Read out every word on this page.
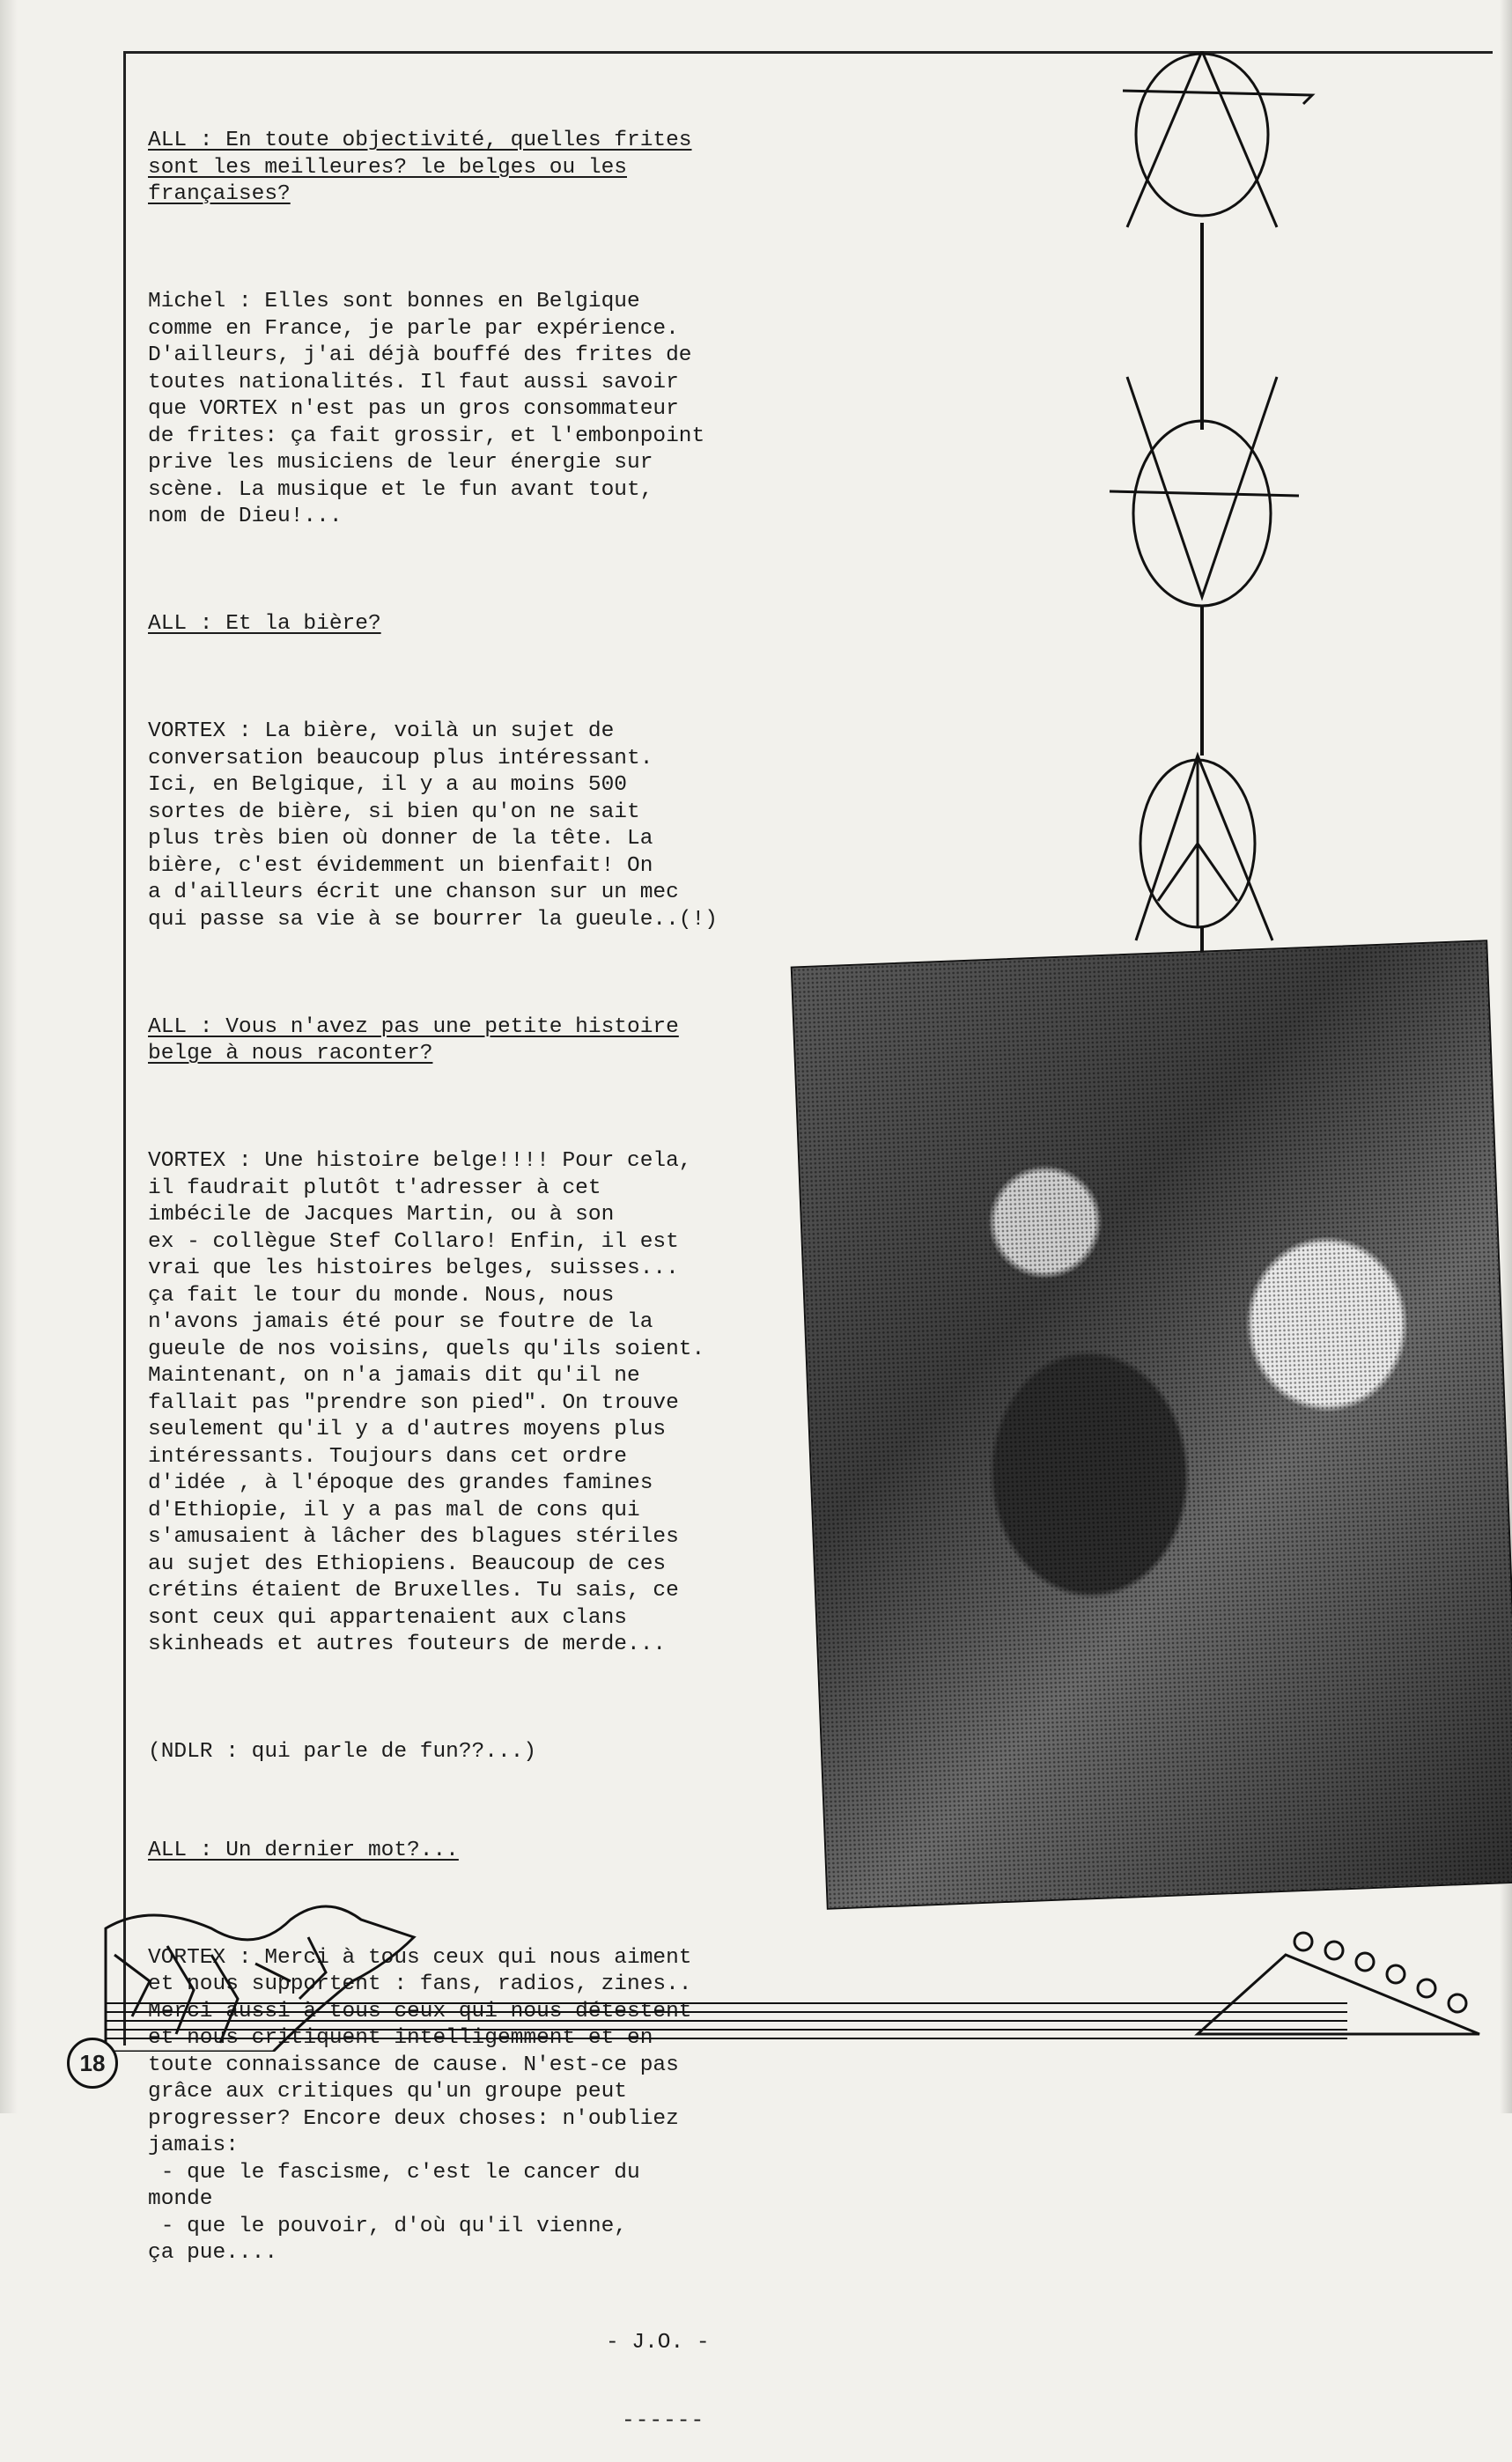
ALL : En toute objectivité, quelles frites
sont les meilleures? le belges ou les
françaises?

Michel : Elles sont bonnes en Belgique
comme en France, je parle par expérience.
D'ailleurs, j'ai déjà bouffé des frites de
toutes nationalités. Il faut aussi savoir
que VORTEX n'est pas un gros consommateur
de frites: ça fait grossir, et l'embonpoint
prive les musiciens de leur énergie sur
scène. La musique et le fun avant tout,
nom de Dieu!...

ALL : Et la bière?

VORTEX : La bière, voilà un sujet de
conversation beaucoup plus intéressant.
Ici, en Belgique, il y a au moins 500
sortes de bière, si bien qu'on ne sait
plus très bien où donner de la tête. La
bière, c'est évidemment un bienfait! On
a d'ailleurs écrit une chanson sur un mec
qui passe sa vie à se bourrer la gueule..(!)

ALL : Vous n'avez pas une petite histoire
belge à nous raconter?

VORTEX : Une histoire belge!!!! Pour cela,
il faudrait plutôt t'adresser à cet
imbécile de Jacques Martin, ou à son
ex - collègue Stef Collaro! Enfin, il est
vrai que les histoires belges, suisses...
ça fait le tour du monde. Nous, nous
n'avons jamais été pour se foutre de la
gueule de nos voisins, quels qu'ils soient.
Maintenant, on n'a jamais dit qu'il ne
fallait pas "prendre son pied". On trouve
seulement qu'il y a d'autres moyens plus
intéressants. Toujours dans cet ordre
d'idée , à l'époque des grandes famines
d'Ethiopie, il y a pas mal de cons qui
s'amusaient à lâcher des blagues stériles
au sujet des Ethiopiens. Beaucoup de ces
crétins étaient de Bruxelles. Tu sais, ce
sont ceux qui appartenaient aux clans
skinheads et autres fouteurs de merde...

(NDLR : qui parle de fun??...)

ALL : Un dernier mot?...

VORTEX : Merci à tous ceux qui nous aiment
et nous supportent : fans, radios, zines..
Merci aussi  tous ceux qui nous détestent
et nous critiquent intelligemment et en
toute connaissance de cause. N'est-ce pas
grâce aux critiques qu'un groupe peut
progresser? Encore deux choses: n'oubliez
jamais:
- que le fascisme, c'est le cancer du
monde
- que le pouvoir, d'où qu'il vienne,
ça pue....

- J.O. -

------

18
